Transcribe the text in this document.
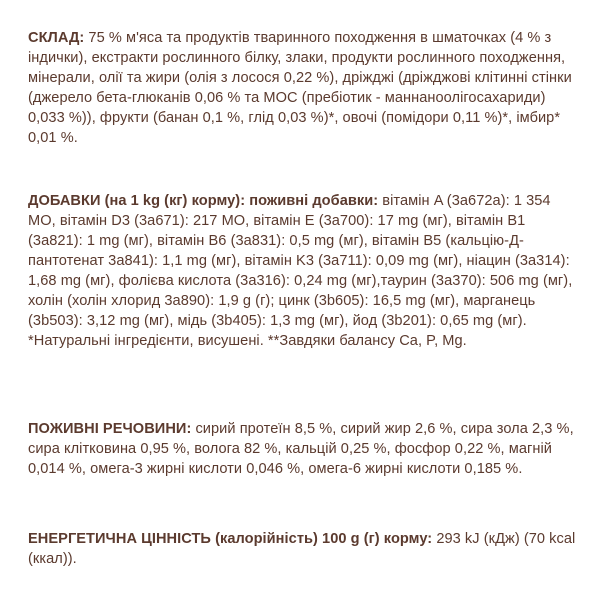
СКЛАД: 75 % м'яса та продуктів тваринного походження в шматочках (4 % з індички), екстракти рослинного білку, злаки, продукти рослинного походження, мінерали, олії та жири (олія з лосося 0,22 %), дріжджі (дріжджові клітинні стінки (джерело бета-глюканів 0,06 % та МОС (пребіотик - маннаноолігосахариди) 0,033 %)), фрукти (банан 0,1 %, глід 0,03 %)*, овочі (помідори 0,11 %)*, імбир* 0,01 %.
ДОБАВКИ (на 1 kg (кг) корму): поживні добавки: вітамін A (3a672a): 1 354 МО, вітамін D3 (3a671): 217 МО, вітамін E (3a700): 17 mg (мг), вітамін B1 (3a821): 1 mg (мг), вітамін B6 (3a831): 0,5 mg (мг), вітамін B5 (кальцію-Д-пантотенат 3a841): 1,1 mg (мг), вітамін K3 (3a711): 0,09 mg (мг), ніацин (3a314): 1,68 mg (мг), фолієва кислота (3a316): 0,24 mg (мг),таурин (3a370): 506 mg (мг), холін (холін хлорид 3a890): 1,9 g (г); цинк (3b605): 16,5 mg (мг), марганець (3b503): 3,12 mg (мг), мідь (3b405): 1,3 mg (мг), йод (3b201): 0,65 mg (мг). *Натуральні інгредієнти, висушені. **Завдяки балансу Ca, P, Mg.
ПОЖИВНІ РЕЧОВИНИ: сирий протеїн 8,5 %, сирий жир 2,6 %, сира зола 2,3 %, сира клітковина 0,95 %, волога 82 %, кальцій 0,25 %, фосфор 0,22 %, магній 0,014 %, омега-3 жирні кислоти 0,046 %, омега-6 жирні кислоти 0,185 %.
ЕНЕРГЕТИЧНА ЦІННІСТЬ (калорійність) 100 g (г) корму: 293 kJ (кДж) (70 kcal (ккал)).
